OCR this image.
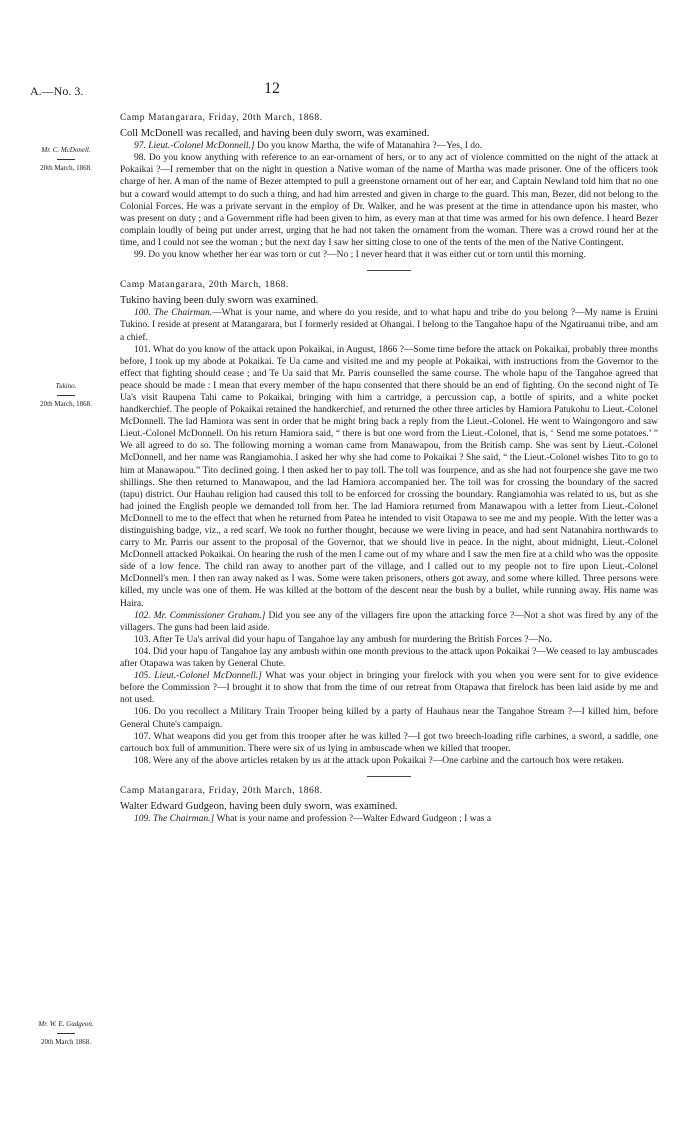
A.—No. 3.	12
Mr. C. McDonell.
20th March, 1868.
Tukino.
20th March, 1868.
Mr. W. E. Gudgeon.
20th March 1868.

Camp Matangarara, Friday, 20th March, 1868.

Coll McDonell was recalled, and having been duly sworn, was examined.

97. Lieut.-Colonel McDonnell.] Do you know Martha, the wife of Matanahira ?—Yes, I do.

98. Do you know anything with reference to an ear-ornament of hers, or to any act of violence committed on the night of the attack at Pokaikai ?—I remember that on the night in question a Native woman of the name of Martha was made prisoner. One of the officers took charge of her. A man of the name of Bezer attempted to pull a greenstone ornament out of her ear, and Captain Newland told him that no one but a coward would attempt to do such a thing, and had him arrested and given in charge to the guard. This man, Bezer, did not belong to the Colonial Forces. He was a private servant in the employ of Dr. Walker, and he was present at the time in attendance upon his master, who was present on duty ; and a Government rifle had been given to him, as every man at that time was armed for his own defence. I heard Bezer complain loudly of being put under arrest, urging that he had not taken the ornament from the woman. There was a crowd round her at the time, and I could not see the woman ; but the next day I saw her sitting close to one of the tents of the men of the Native Contingent.

99. Do you know whether her ear was torn or cut ?—No ; I never heard that it was either cut or torn until this morning.

Camp Matangarara, 20th March, 1868.

Tukino having been duly sworn was examined.

100. The Chairman.—What is your name, and where do you reside, and to what hapu and tribe do you belong ?—My name is Eruini Tukino. I reside at present at Matangarara, but I formerly resided at Ohangai. I belong to the Tangahoe hapu of the Ngatiruanui tribe, and am a chief.

101. What do you know of the attack upon Pokaikai, in August, 1866 ?—Some time before the attack on Pokaikai, probably three months before, I took up my abode at Pokaikai. Te Ua came and visited me and my people at Pokaikai, with instructions from the Governor to the effect that fighting should cease ; and Te Ua said that Mr. Parris counselled the same course. The whole hapu of the Tangahoe agreed that peace should be made : I mean that every member of the hapu consented that there should be an end of fighting. On the second night of Te Ua's visit Raupena Tahi came to Pokaikai, bringing with him a cartridge, a percussion cap, a bottle of spirits, and a white pocket handkerchief. The people of Pokaikai retained the handkerchief, and returned the other three articles by Hamiora Patukohu to Lieut.-Colonel McDonnell. The lad Hamiora was sent in order that he might bring back a reply from the Lieut.-Colonel. He went to Waingongoro and saw Lieut.-Colonel McDonnell. On his return Hamiora said, “ there is but one word from the Lieut.-Colonel, that is, ‘ Send me some potatoes.’ ” We all agreed to do so. The following morning a woman came from Manawapou, from the British camp. She was sent by Lieut.-Colonel McDonnell, and her name was Rangiamohia. I asked her why she had come to Pokaikai ? She said, “ the Lieut.-Colonel wishes Tito to go to him at Manawapou.” Tito declined going. I then asked her to pay toll. The toll was fourpence, and as she had not fourpence she gave me two shillings. She then returned to Manawapou, and the lad Hamiora accompanied her. The toll was for crossing the boundary of the sacred (tapu) district. Our Hauhau religion had caused this toll to be enforced for crossing the boundary. Rangiamohia was related to us, but as she had joined the English people we demanded toll from her. The lad Hamiora returned from Manawapou with a letter from Lieut.-Colonel McDonnell to me to the effect that when he returned from Patea he intended to visit Otapawa to see me and my people. With the letter was a distinguishing badge, viz., a red scarf. We took no further thought, because we were living in peace, and had sent Natanahira northwards to carry to Mr. Parris our assent to the proposal of the Governor, that we should live in peace. In the night, about midnight, Lieut.-Colonel McDonnell attacked Pokaikai. On hearing the rush of the men I came out of my whare and I saw the men fire at a child who was the opposite side of a low fence. The child ran away to another part of the village, and I called out to my people not to fire upon Lieut.-Colonel McDonnell's men. I then ran away naked as I was. Some were taken prisoners, others got away, and some where killed. Three persons were killed, my uncle was one of them. He was killed at the bottom of the descent near the bush by a bullet, while running away. His name was Haira.

102. Mr. Commissioner Graham.] Did you see any of the villagers fire upon the attacking force ?—Not a shot was fired by any of the villagers. The guns had been laid aside.

103. After Te Ua's arrival did your hapu of Tangahoe lay any ambush for murdering the British Forces ?—No.

104. Did your hapu of Tangahoe lay any ambush within one month previous to the attack upon Pokaikai ?—We ceased to lay ambuscades after Otapawa was taken by General Chute.

105. Lieut.-Colonel McDonnell.] What was your object in bringing your firelock with you when you were sent for to give evidence before the Commission ?—I brought it to show that from the time of our retreat from Otapawa that firelock has been laid aside by me and not used.

106. Do you recollect a Military Train Trooper being killed by a party of Hauhaus near the Tangahoe Stream ?—I killed him, before General Chute's campaign.

107. What weapons did you get from this trooper after he was killed ?—I got two breech-loading rifle carbines, a sword, a saddle, one cartouch box full of ammunition. There were six of us lying in ambuscade when we killed that trooper.

108. Were any of the above articles retaken by us at the attack upon Pokaikai ?—One carbine and the cartouch box were retaken.

Camp Matangarara, Friday, 20th March, 1868.

Walter Edward Gudgeon, having been duly sworn, was examined.

109. The Chairman.] What is your name and profession ?—Walter Edward Gudgeon ; I was a
